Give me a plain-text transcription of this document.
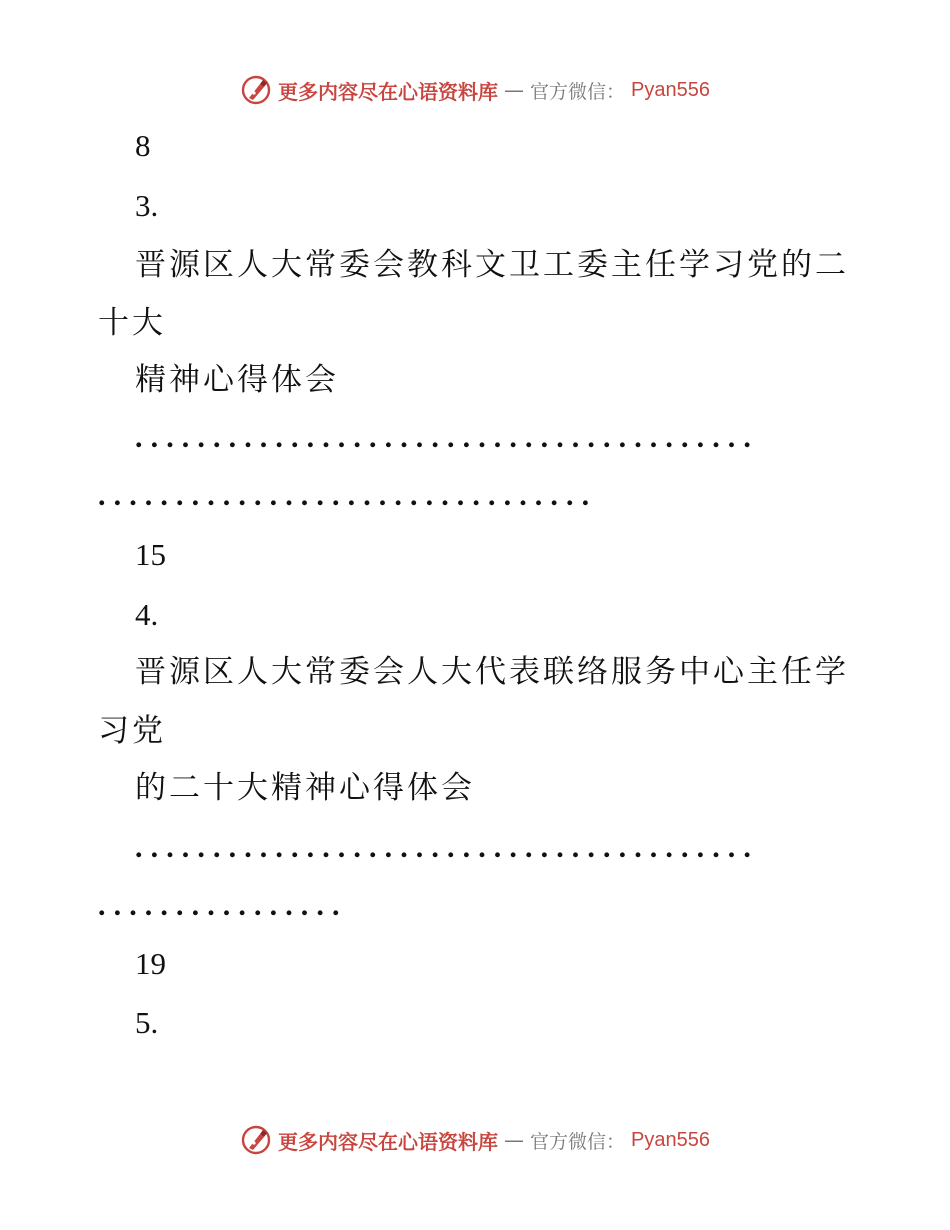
更多内容尽在心语资料库 — 官方微信： Pyan556
8
3.
晋源区人大常委会教科文卫工委主任学习党的二
十大
精神心得体会
........................................
................................
15
4.
晋源区人大常委会人大代表联络服务中心主任学
习党
的二十大精神心得体会
........................................
................
19
5.
更多内容尽在心语资料库 — 官方微信： Pyan556
